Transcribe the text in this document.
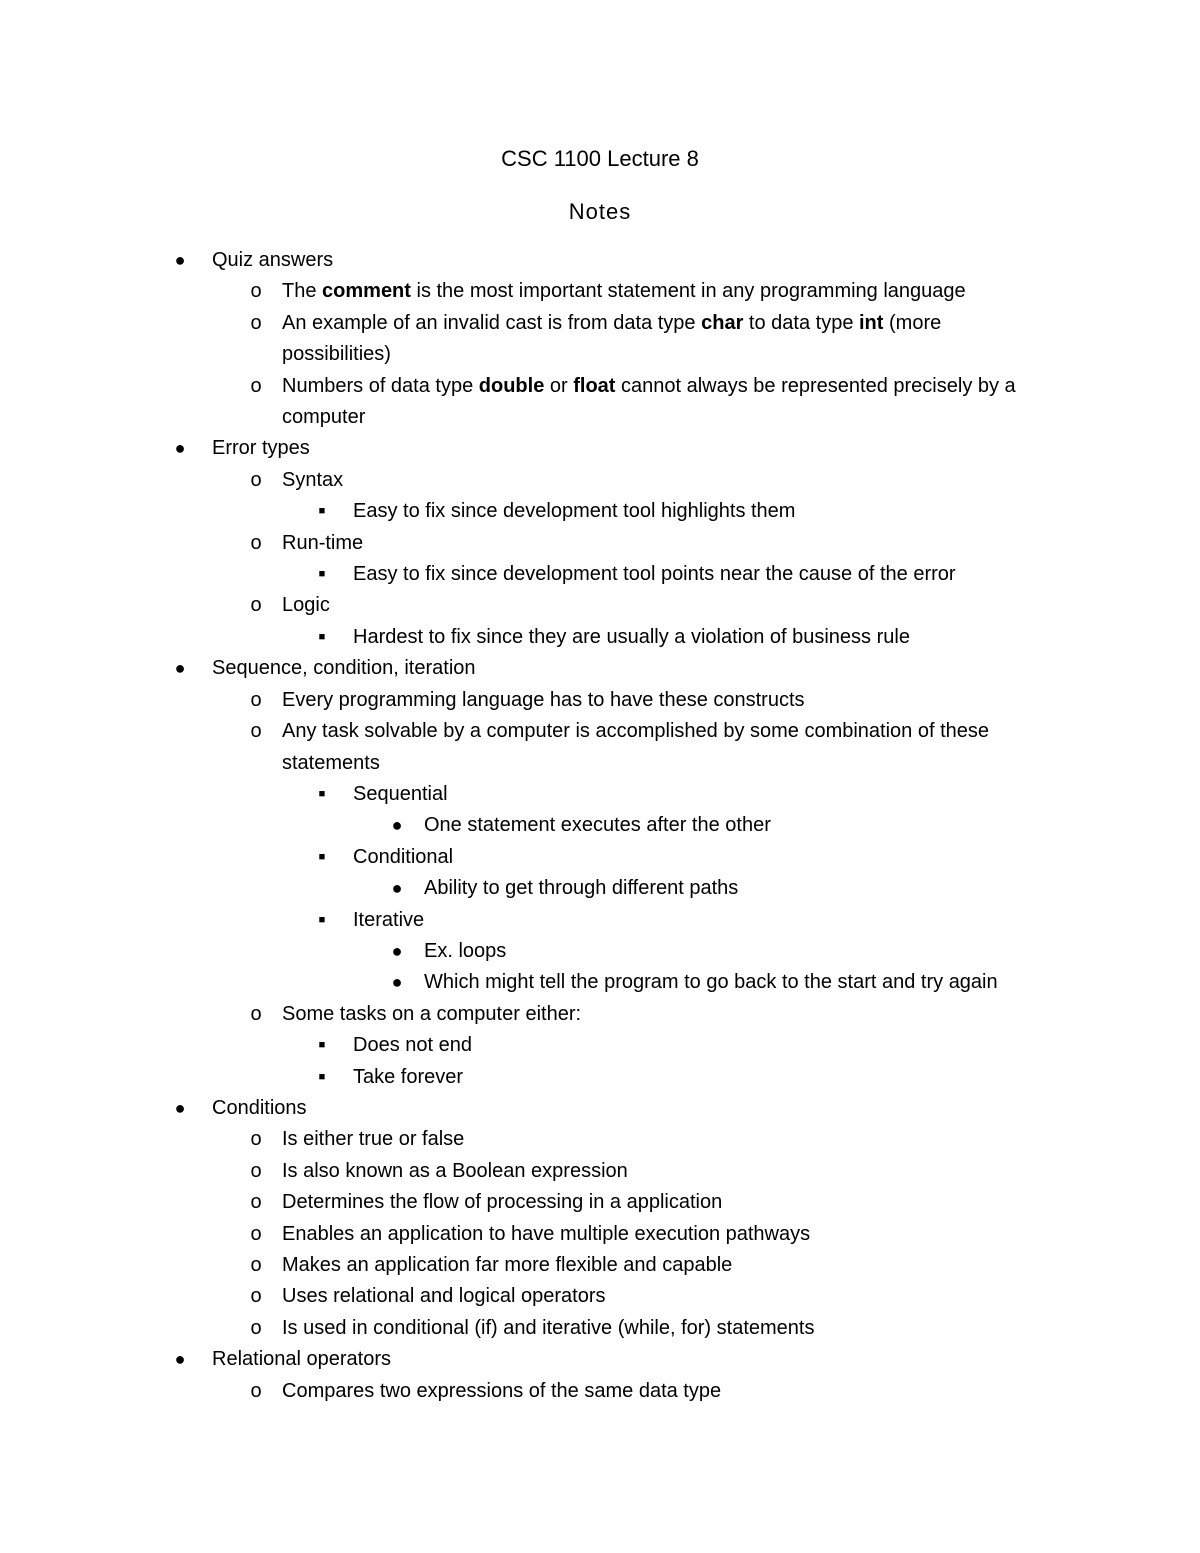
CSC 1100 Lecture 8
Notes
● Quiz answers
o The comment is the most important statement in any programming language
o An example of an invalid cast is from data type char to data type int (more possibilities)
o Numbers of data type double or float cannot always be represented precisely by a computer
● Error types
o Syntax
■	Easy to fix since development tool highlights them
o Run-time
■	Easy to fix since development tool points near the cause of the error
o Logic
■	Hardest to fix since they are usually a violation of business rule
● Sequence, condition, iteration
o Every programming language has to have these constructs
o Any task solvable by a computer is accomplished by some combination of these statements
■	Sequential
● One statement executes after the other
■	Conditional
● Ability to get through different paths
■	Iterative
● Ex. loops
● Which might tell the program to go back to the start and try again
o Some tasks on a computer either:
■	Does not end
■	Take forever
● Conditions
o Is either true or false
o Is also known as a Boolean expression
o Determines the flow of processing in a application
o Enables an application to have multiple execution pathways
o Makes an application far more flexible and capable
o Uses relational and logical operators
o Is used in conditional (if) and iterative (while, for) statements
● Relational operators
o Compares two expressions of the same data type
